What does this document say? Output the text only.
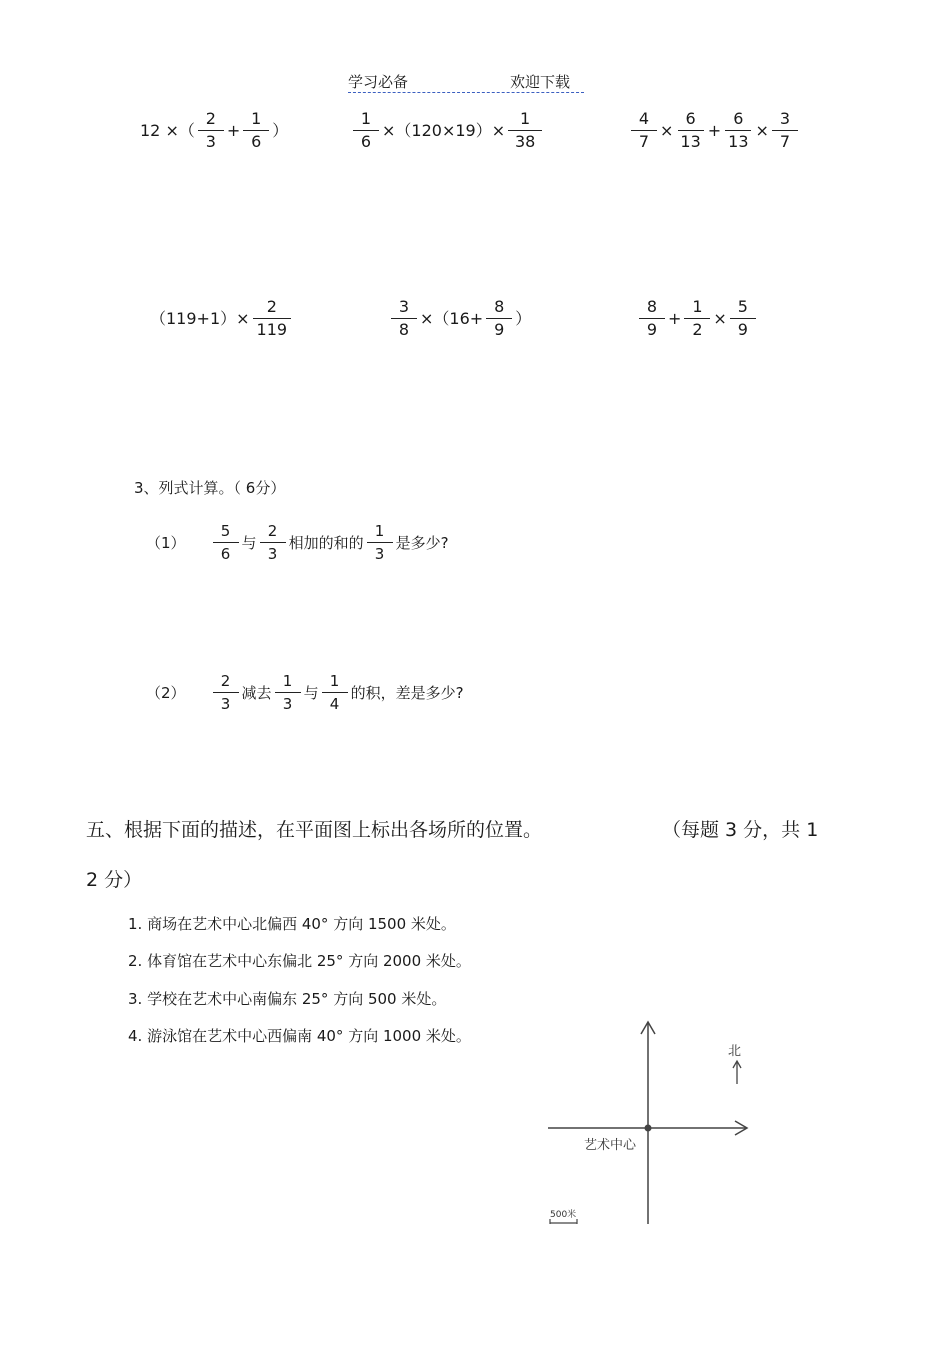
学习必备	欢迎下载
12 ×（ $\frac{2}{3} + \frac{1}{6}$ ）	$\frac{1}{6} \times(120\times 19)\times \frac{1}{38}$	$\frac{4}{7} \times \frac{6}{13} + \frac{6}{13} \times \frac{3}{7}$
$(119+1)\times \frac{2}{119}$	$\frac{3}{8} \times(16+ \frac{8}{9}$ ）	$\frac{8}{9} + \frac{1}{2} \times \frac{5}{9}$
3、列式计算。（ 6分）
$(1) \frac{5}{6}$ 与 $\frac{2}{3}$ 相加的和的 $\frac{1}{3}$ 是多少?
$(2) \frac{2}{3}$ 减去 $\frac{1}{3}$ 与 $\frac{1}{4}$ 的积，差是多少?
五、根据下面的描述，在平面图上标出各场所的位置。	（每题 3 分，共 1
2 分）
1. 商场在艺术中心北偏西 40° 方向 1500 米处。
2. 体育馆在艺术中心东偏北 25° 方向 2000 米处。
3. 学校在艺术中心南偏东 25° 方向 500 米处。
4. 游泳馆在艺术中心西偏南 40° 方向 1000 米处。
北
艺术中心
500米
